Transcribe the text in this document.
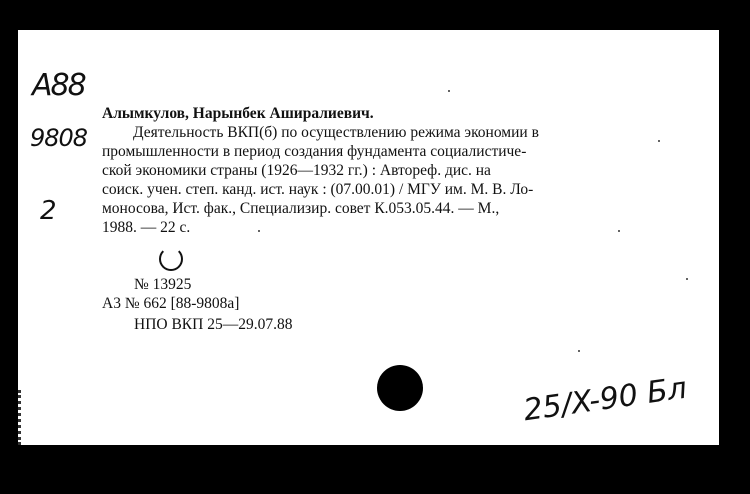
A88
9808
2
Алымкулов, Нарынбек Аширалиевич.
Деятельность ВКП(б) по осуществлению режима экономии в
промышленности в период создания фундамента социалистиче-
ской экономики страны (1926—1932 гг.) : Автореф. дис. на
соиск. учен. степ. канд. ист. наук : (07.00.01) / МГУ им. М. В. Ло-
моносова, Ист. фак., Специализир. совет К.053.05.44. — М.,
1988. — 22 с.
№ 13925
А3 № 662 [88-9808а]
НПО ВКП 25—29.07.88
25/X-90 Бл
